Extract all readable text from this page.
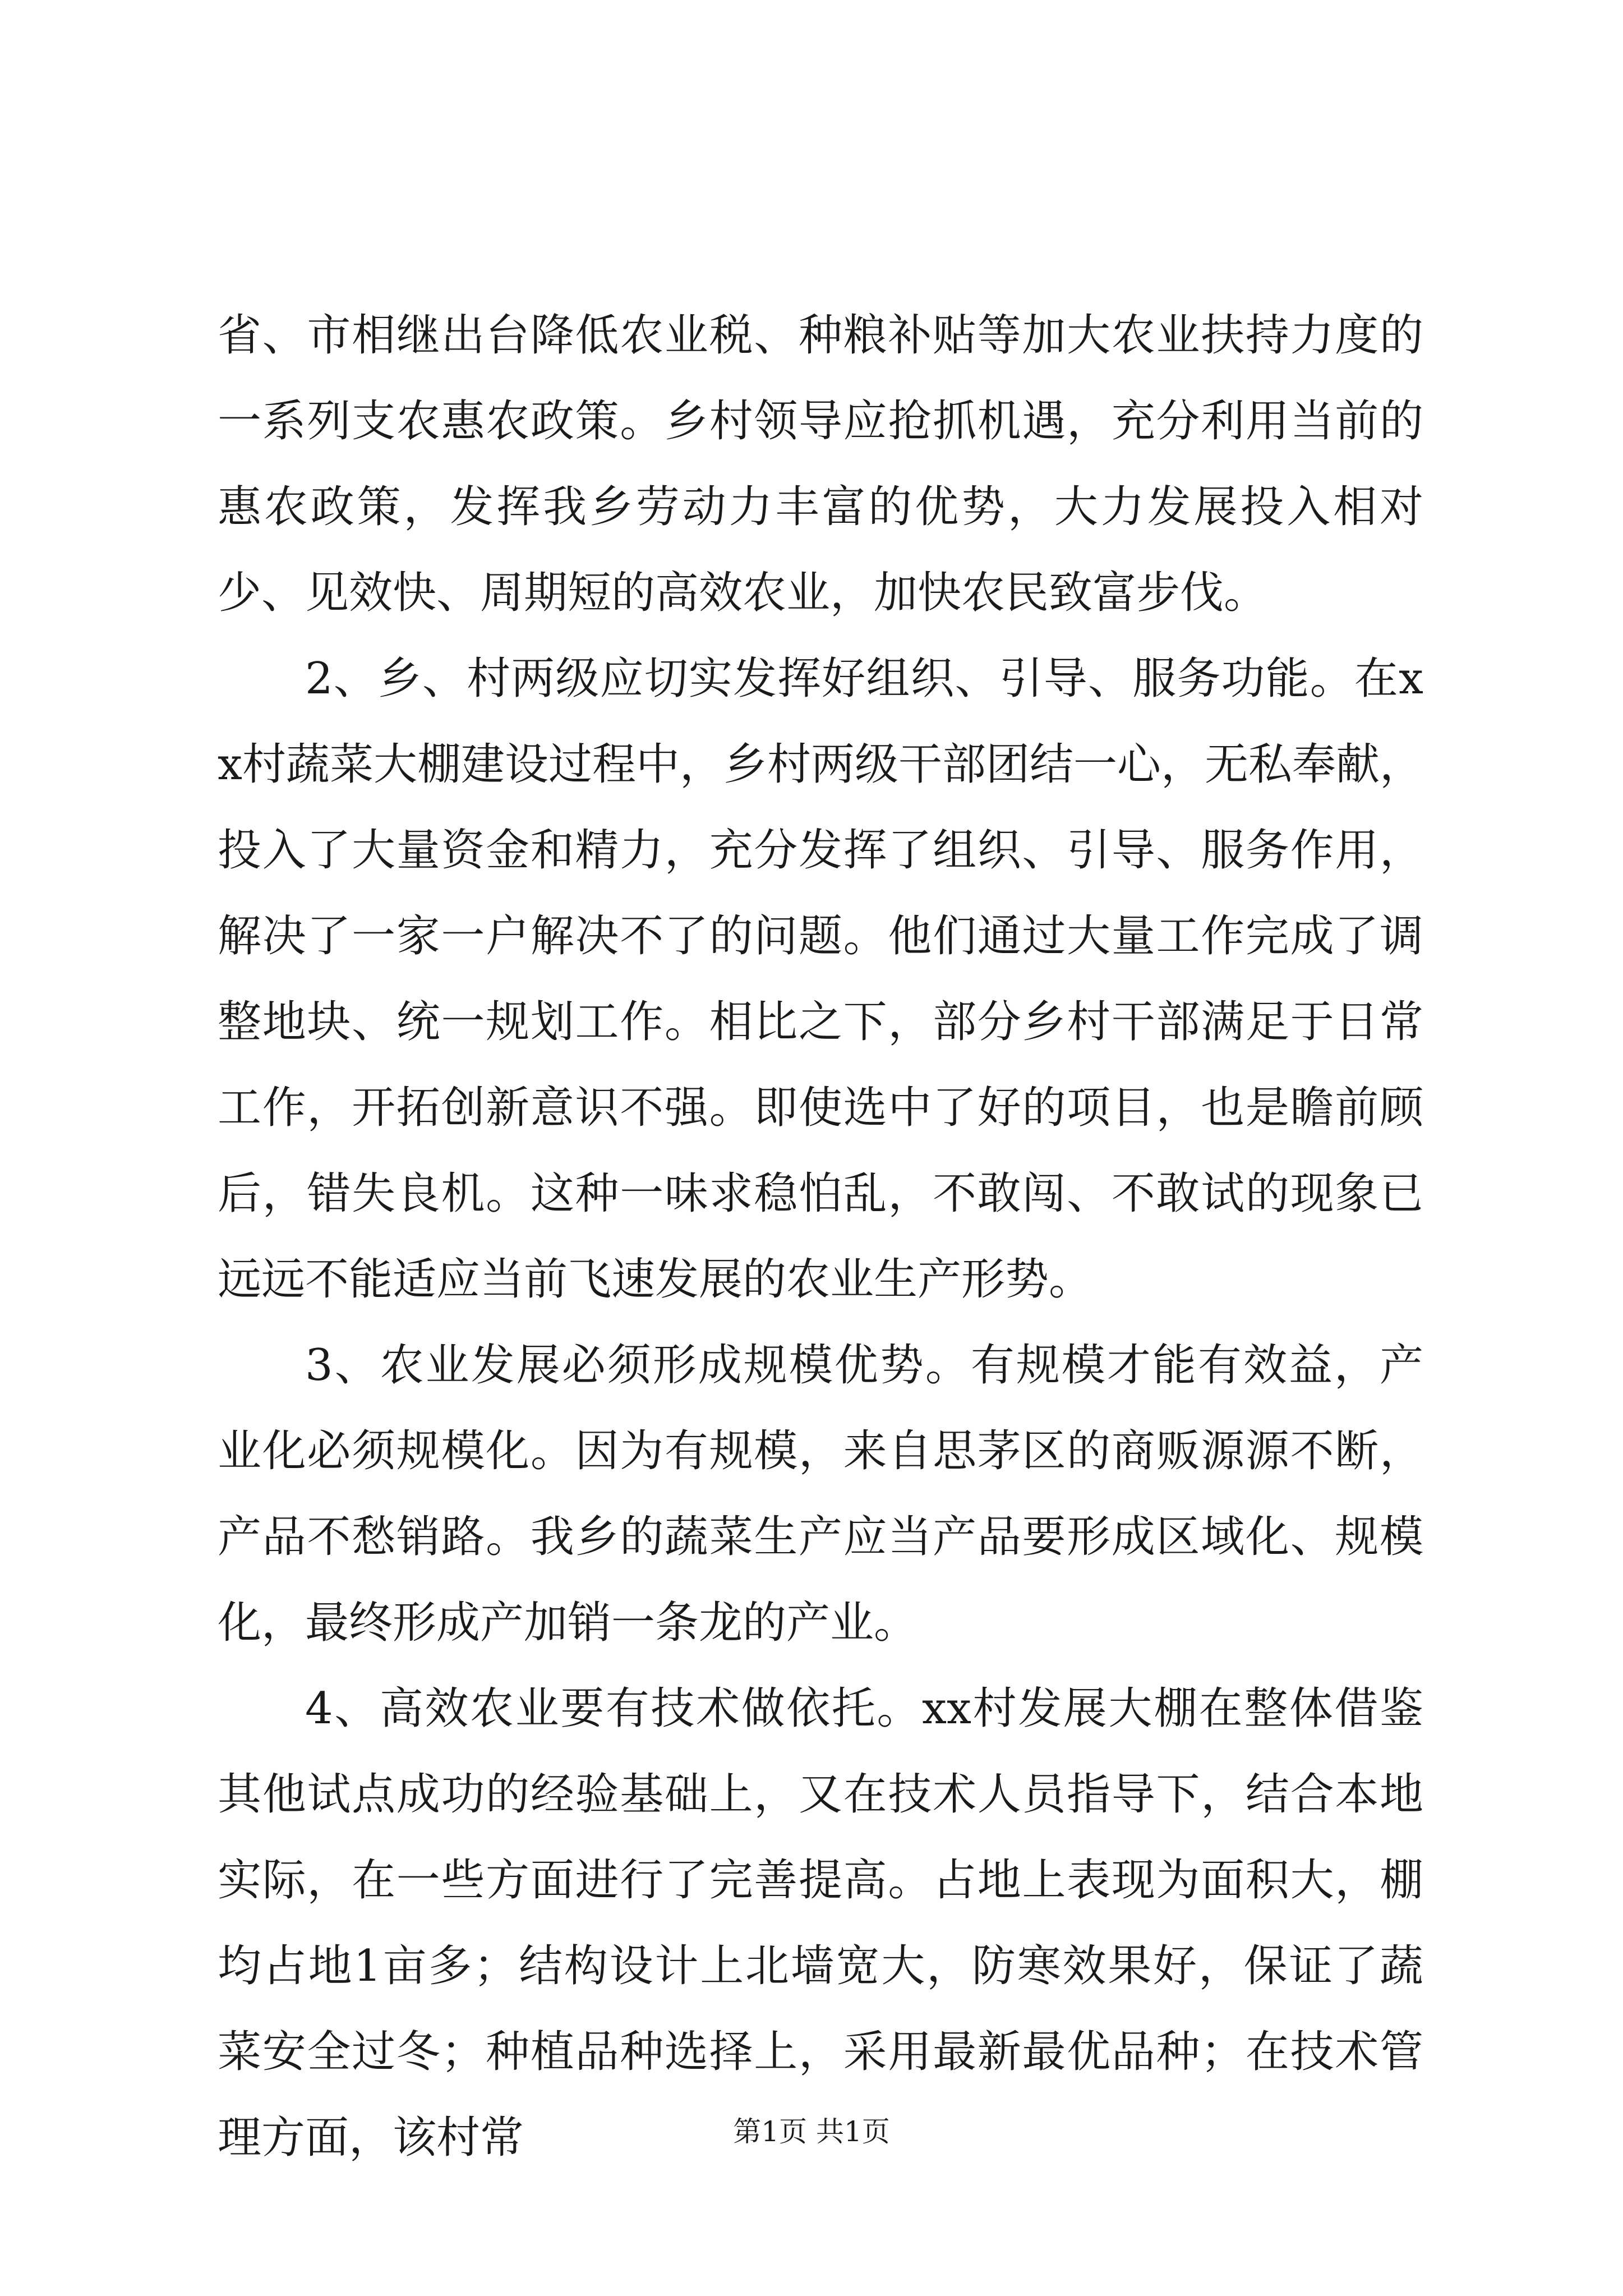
省、市相继出台降低农业税、种粮补贴等加大农业扶持力度的一系列支农惠农政策。乡村领导应抢抓机遇，充分利用当前的惠农政策，发挥我乡劳动力丰富的优势，大力发展投入相对少、见效快、周期短的高效农业，加快农民致富步伐。

2、乡、村两级应切实发挥好组织、引导、服务功能。在xx村蔬菜大棚建设过程中，乡村两级干部团结一心，无私奉献，投入了大量资金和精力，充分发挥了组织、引导、服务作用，解决了一家一户解决不了的问题。他们通过大量工作完成了调整地块、统一规划工作。相比之下，部分乡村干部满足于日常工作，开拓创新意识不强。即使选中了好的项目，也是瞻前顾后，错失良机。这种一味求稳怕乱，不敢闯、不敢试的现象已远远不能适应当前飞速发展的农业生产形势。

3、农业发展必须形成规模优势。有规模才能有效益，产业化必须规模化。因为有规模，来自思茅区的商贩源源不断，产品不愁销路。我乡的蔬菜生产应当产品要形成区域化、规模化，最终形成产加销一条龙的产业。

4、高效农业要有技术做依托。xx村发展大棚在整体借鉴其他试点成功的经验基础上，又在技术人员指导下，结合本地实际，在一些方面进行了完善提高。占地上表现为面积大，棚均占地1亩多；结构设计上北墙宽大，防寒效果好，保证了蔬菜安全过冬；种植品种选择上，采用最新最优品种；在技术管理方面，该村常	第1页 共1页
